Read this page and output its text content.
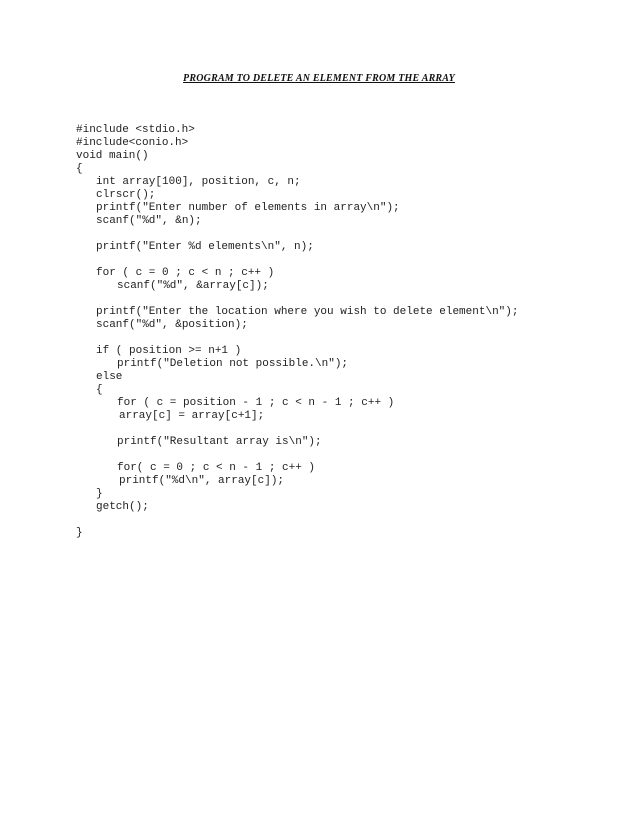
PROGRAM TO DELETE AN ELEMENT FROM THE ARRAY
#include <stdio.h>
#include<conio.h>
void main()
{
int array[100], position, c, n;
clrscr();
printf("Enter number of elements in array\n");
scanf("%d", &n);
printf("Enter %d elements\n", n);
for ( c = 0 ; c < n ; c++ )
scanf("%d", &array[c]);
printf("Enter the location where you wish to delete element\n");
scanf("%d", &position);
if ( position >= n+1 )
printf("Deletion not possible.\n");
else
{
for ( c = position - 1 ; c < n - 1 ; c++ )
array[c] = array[c+1];
printf("Resultant array is\n");
for( c = 0 ; c < n - 1 ; c++ )
printf("%d\n", array[c]);
}
getch();
}
